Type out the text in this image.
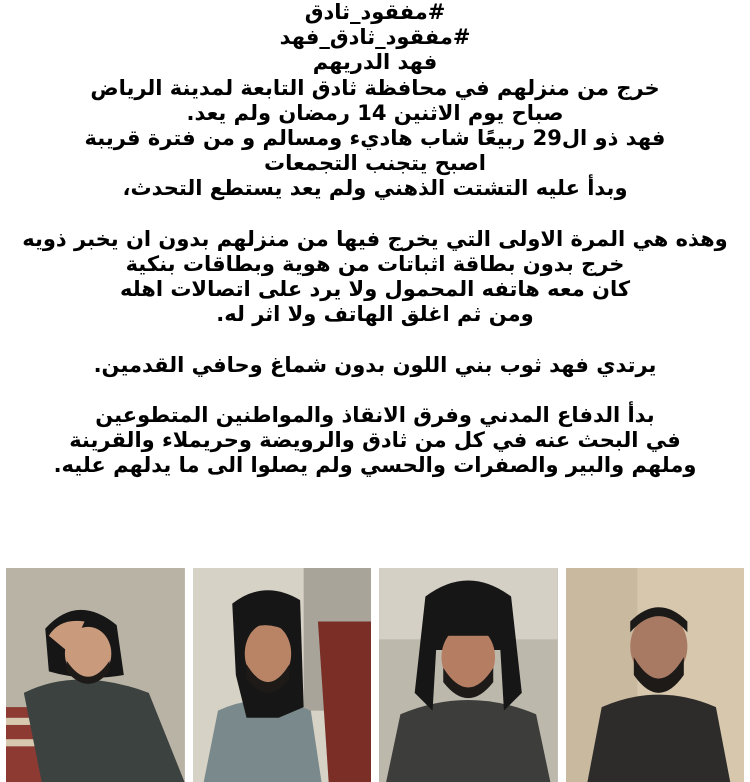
#مفقود_ثادق
#مفقود_ثادق_فهد
فهد الدريهم
خرج من منزلهم في محافظة ثادق التابعة لمدينة الرياض
صباح يوم الاثنين 14 رمضان ولم يعد.
فهد ذو ال29 ربيعًا شاب هاديء ومسالم و من فترة قريبة
اصبح يتجنب التجمعات
وبدأ عليه التشتت الذهني ولم يعد يستطع التحدث،
وهذه هي المرة الاولى التي يخرج فيها من منزلهم بدون ان يخبر ذويه
خرج بدون بطاقة اثباتات من هوية وبطاقات بنكية
كان معه هاتفه المحمول ولا يرد على اتصالات اهله
ومن ثم اغلق الهاتف ولا اثر له.
يرتدي فهد ثوب بني اللون بدون شماغ وحافي القدمين.
بدأ الدفاع المدني وفرق الانقاذ والمواطنين المتطوعين
في البحث عنه في كل من ثادق والرويضة وحريملاء والقرينة
وملهم والبير والصفرات والحسي ولم يصلوا الى ما يدلهم عليه.
